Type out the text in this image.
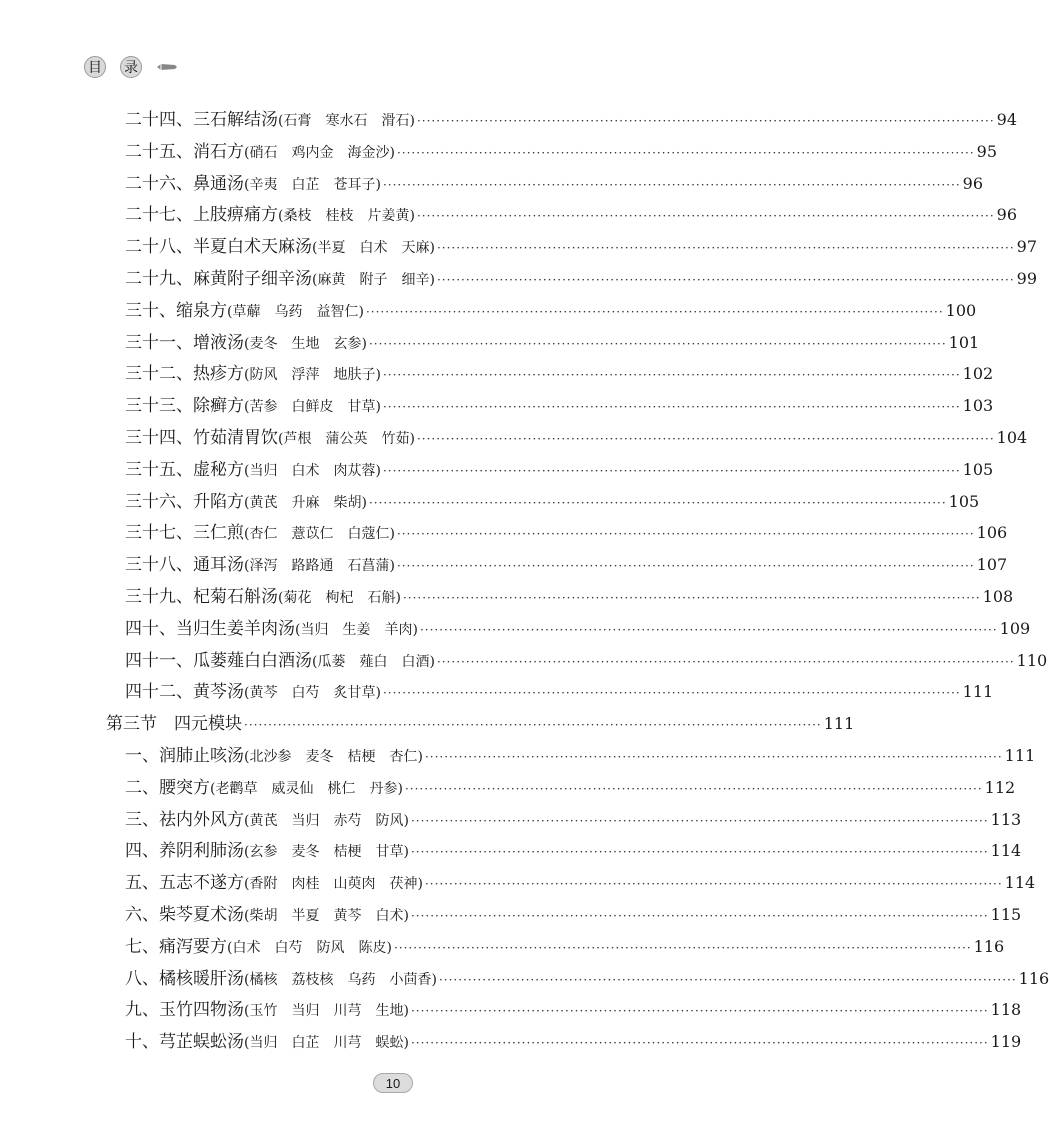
目 录
二十四、三石解结汤 (石膏　寒水石　滑石) ························································································································ 94
二十五、消石方 (硝石　鸡内金　海金沙) ························································································································ 95
二十六、鼻通汤 (辛夷　白芷　苍耳子) ························································································································ 96
二十七、上肢痹痛方 (桑枝　桂枝　片姜黄) ························································································································ 96
二十八、半夏白术天麻汤 (半夏　白术　天麻) ························································································································ 97
二十九、麻黄附子细辛汤 (麻黄　附子　细辛) ························································································································ 99
三十、缩泉方 (草薢　乌药　益智仁) ························································································································ 100
三十一、增液汤 (麦冬　生地　玄参) ························································································································ 101
三十二、热疹方 (防风　浮萍　地肤子) ························································································································ 102
三十三、除癣方 (苦参　白鲜皮　甘草) ························································································································ 103
三十四、竹茹清胃饮 (芦根　蒲公英　竹茹) ························································································································ 104
三十五、虚秘方 (当归　白术　肉苁蓉) ························································································································ 105
三十六、升陷方 (黄芪　升麻　柴胡) ························································································································ 105
三十七、三仁煎 (杏仁　薏苡仁　白蔻仁) ························································································································ 106
三十八、通耳汤 (泽泻　路路通　石菖蒲) ························································································································ 107
三十九、杞菊石斛汤 (菊花　枸杞　石斛) ························································································································ 108
四十、当归生姜羊肉汤 (当归　生姜　羊肉) ························································································································ 109
四十一、瓜蒌薤白白酒汤 (瓜蒌　薤白　白酒) ························································································································ 110
四十二、黄芩汤 (黄芩　白芍　炙甘草) ························································································································ 111
第三节　四元模块 ························································································································ 111
一、润肺止咳汤 (北沙参　麦冬　桔梗　杏仁) ························································································································ 111
二、腰突方 (老鹳草　威灵仙　桃仁　丹参) ························································································································ 112
三、祛内外风方 (黄芪　当归　赤芍　防风) ························································································································ 113
四、养阴利肺汤 (玄参　麦冬　桔梗　甘草) ························································································································ 114
五、五志不遂方 (香附　肉桂　山萸肉　茯神) ························································································································ 114
六、柴芩夏术汤 (柴胡　半夏　黄芩　白术) ························································································································ 115
七、痛泻要方 (白术　白芍　防风　陈皮) ························································································································ 116
八、橘核暖肝汤 (橘核　荔枝核　乌药　小茴香) ························································································································ 116
九、玉竹四物汤 (玉竹　当归　川芎　生地) ························································································································ 118
十、芎芷蜈蚣汤 (当归　白芷　川芎　蜈蚣) ························································································································ 119
10
